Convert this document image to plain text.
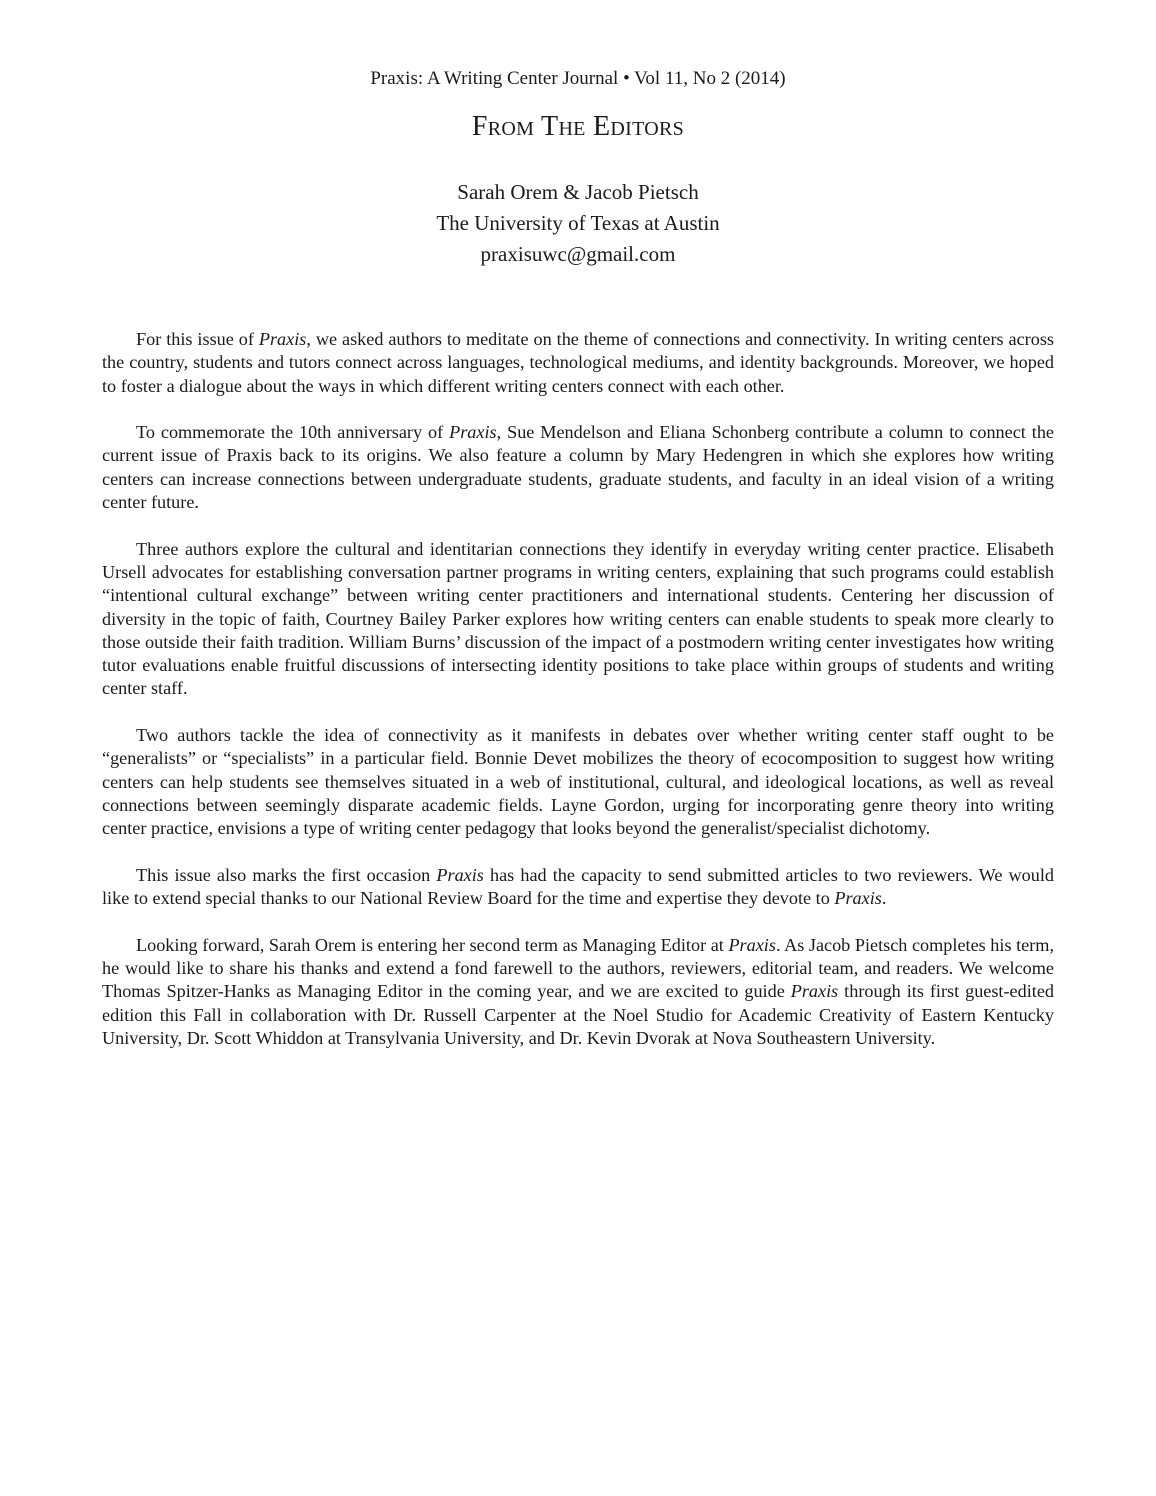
Praxis: A Writing Center Journal • Vol 11, No 2 (2014)
From The Editors
Sarah Orem & Jacob Pietsch
The University of Texas at Austin
praxisuwc@gmail.com

For this issue of Praxis, we asked authors to meditate on the theme of connections and connectivity. In writing centers across the country, students and tutors connect across languages, technological mediums, and identity backgrounds. Moreover, we hoped to foster a dialogue about the ways in which different writing centers connect with each other.

To commemorate the 10th anniversary of Praxis, Sue Mendelson and Eliana Schonberg contribute a column to connect the current issue of Praxis back to its origins. We also feature a column by Mary Hedengren in which she explores how writing centers can increase connections between undergraduate students, graduate students, and faculty in an ideal vision of a writing center future.

Three authors explore the cultural and identitarian connections they identify in everyday writing center practice. Elisabeth Ursell advocates for establishing conversation partner programs in writing centers, explaining that such programs could establish “intentional cultural exchange” between writing center practitioners and international students. Centering her discussion of diversity in the topic of faith, Courtney Bailey Parker explores how writing centers can enable students to speak more clearly to those outside their faith tradition. William Burns’ discussion of the impact of a postmodern writing center investigates how writing tutor evaluations enable fruitful discussions of intersecting identity positions to take place within groups of students and writing center staff.

Two authors tackle the idea of connectivity as it manifests in debates over whether writing center staff ought to be “generalists” or “specialists” in a particular field. Bonnie Devet mobilizes the theory of ecocomposition to suggest how writing centers can help students see themselves situated in a web of institutional, cultural, and ideological locations, as well as reveal connections between seemingly disparate academic fields. Layne Gordon, urging for incorporating genre theory into writing center practice, envisions a type of writing center pedagogy that looks beyond the generalist/specialist dichotomy.

This issue also marks the first occasion Praxis has had the capacity to send submitted articles to two reviewers. We would like to extend special thanks to our National Review Board for the time and expertise they devote to Praxis.

Looking forward, Sarah Orem is entering her second term as Managing Editor at Praxis. As Jacob Pietsch completes his term, he would like to share his thanks and extend a fond farewell to the authors, reviewers, editorial team, and readers. We welcome Thomas Spitzer-Hanks as Managing Editor in the coming year, and we are excited to guide Praxis through its first guest-edited edition this Fall in collaboration with Dr. Russell Carpenter at the Noel Studio for Academic Creativity of Eastern Kentucky University, Dr. Scott Whiddon at Transylvania University, and Dr. Kevin Dvorak at Nova Southeastern University.
